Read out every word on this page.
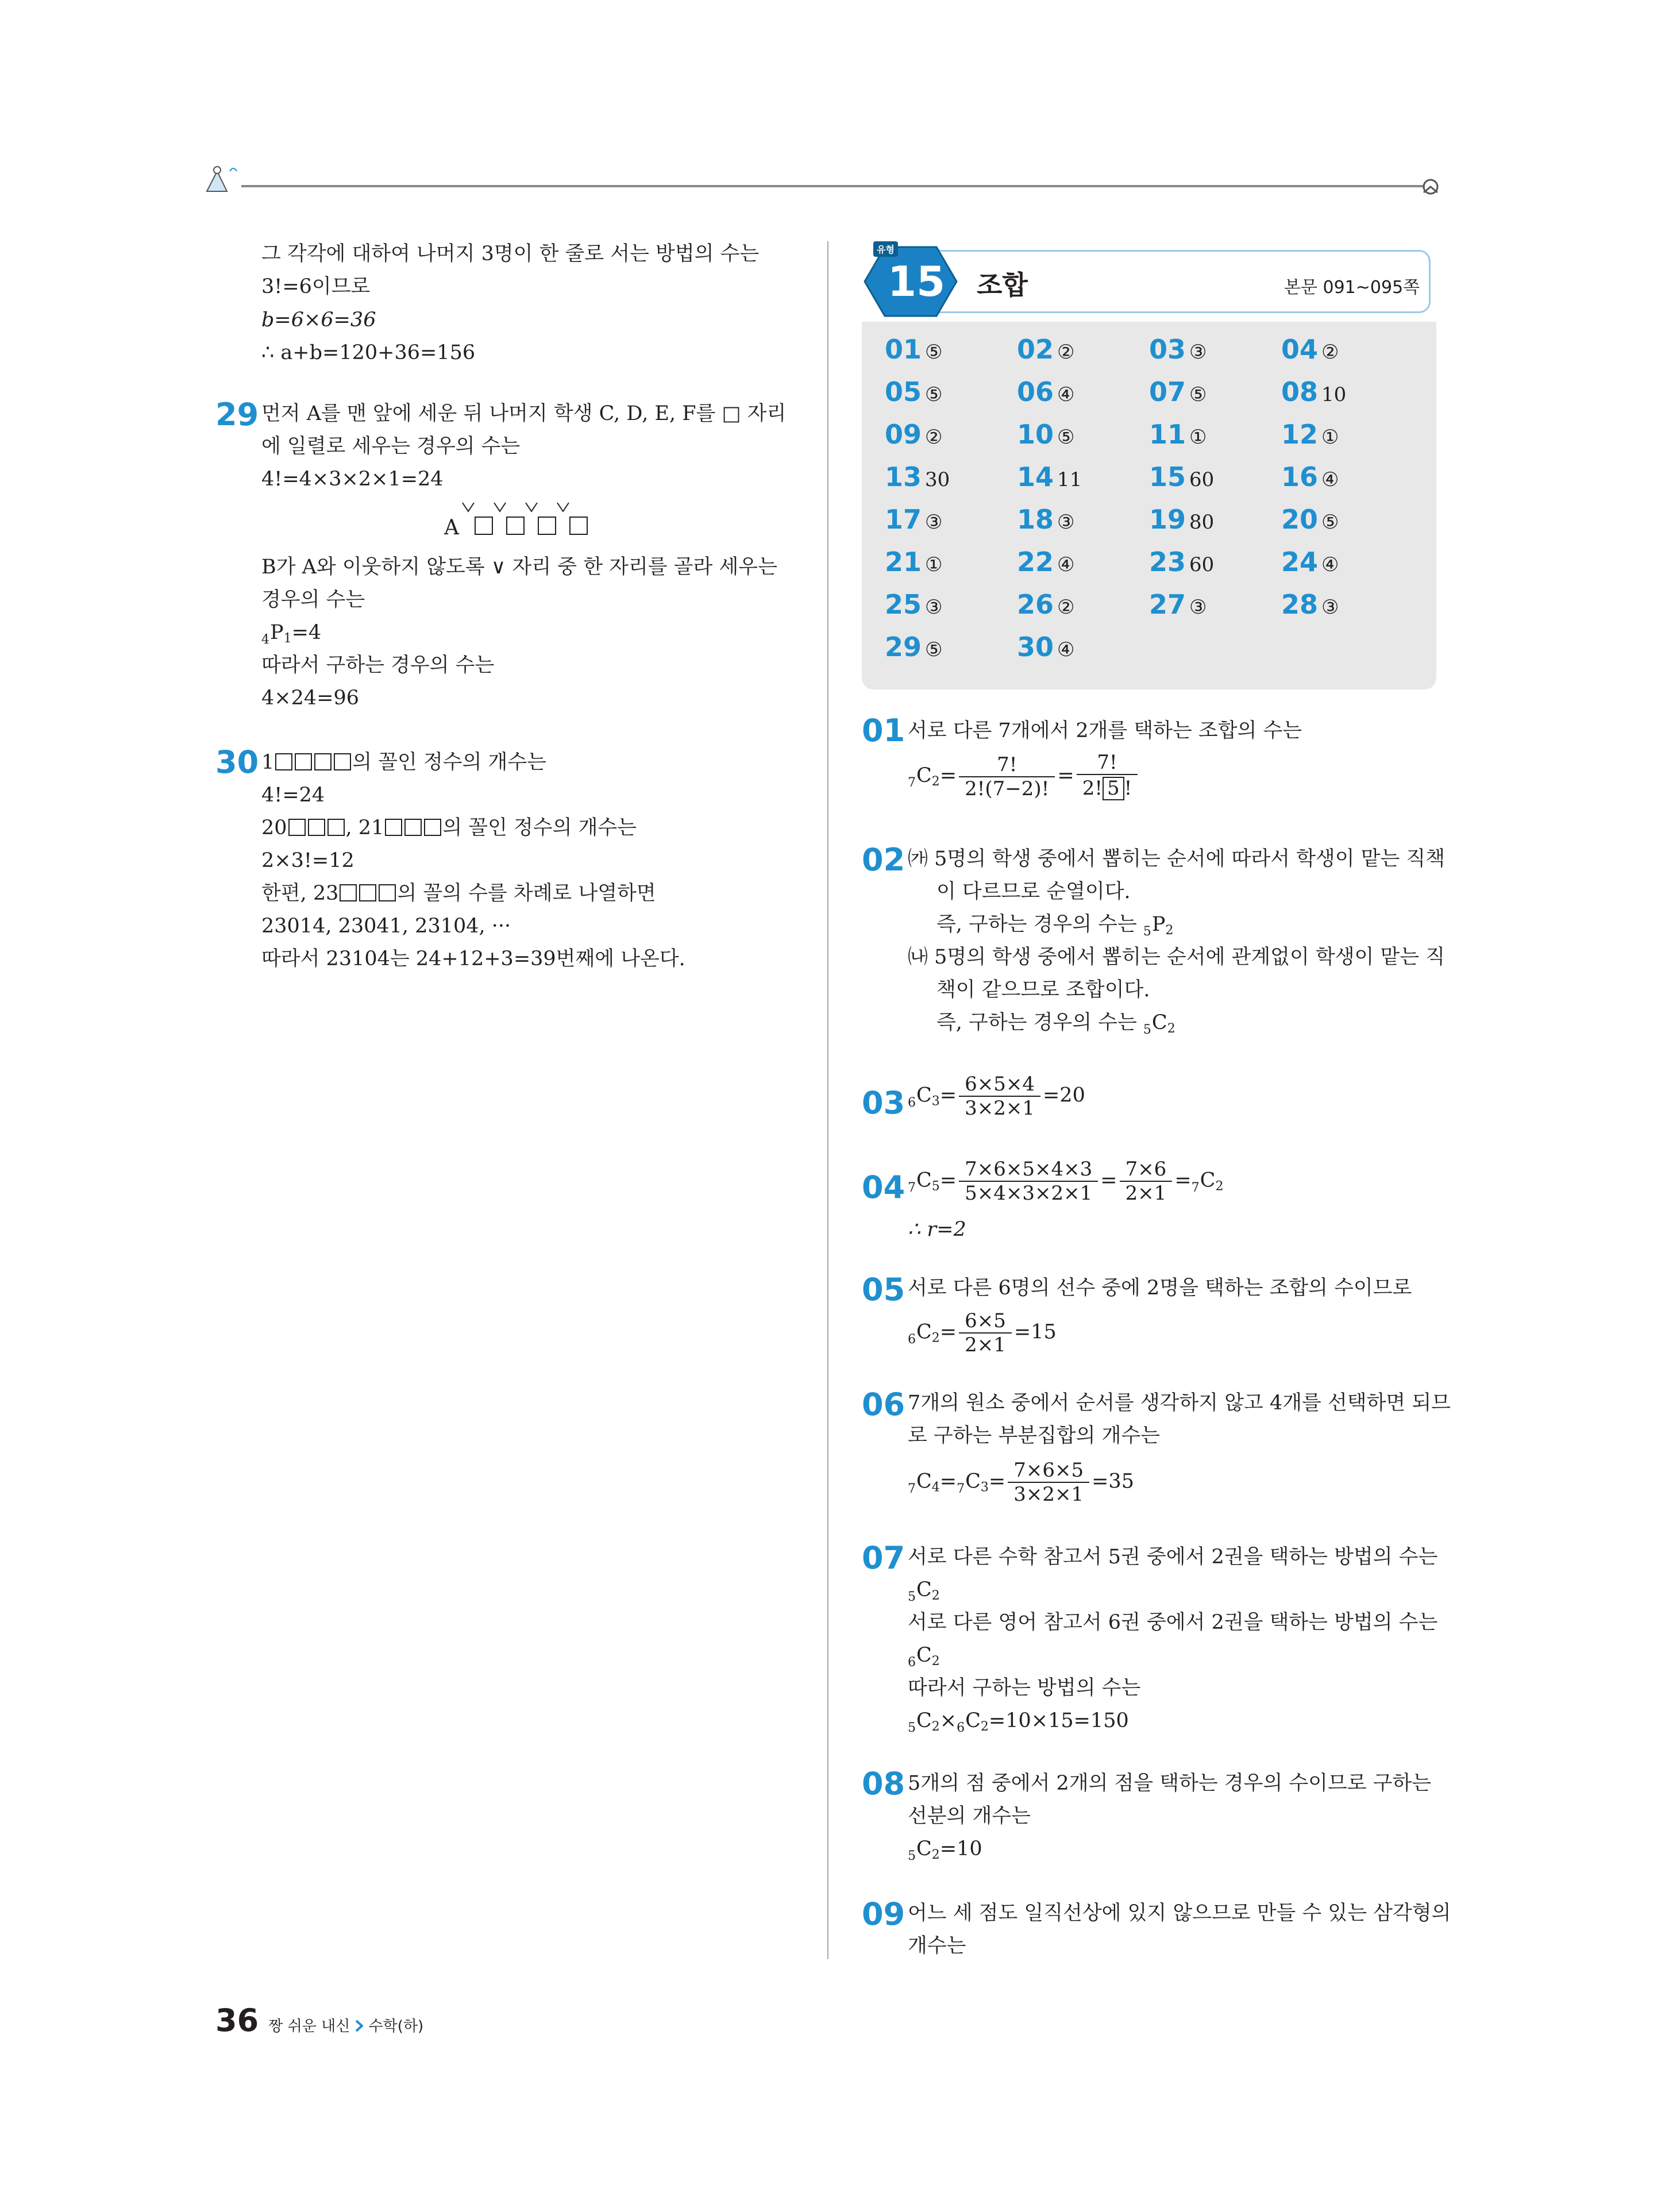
그 각각에 대하여 나머지 3명이 한 줄로 서는 방법의 수는
3!=6이므로
b=6×6=36
∴ a+b=120+36=156
29 먼저 A를 맨 앞에 세운 뒤 나머지 학생 C, D, E, F를 □ 자리
에 일렬로 세우는 경우의 수는
4!=4×3×2×1=24
A
B가 A와 이웃하지 않도록 ∨ 자리 중 한 자리를 골라 세우는
경우의 수는
$_4P_1=4$
따라서 구하는 경우의 수는
4×24=96
30 1	의 꼴인 정수의 개수는
4!=24
20	, 21	의 꼴인 정수의 개수는
2×3!=12
한편, 23	의 꼴의 수를 차례로 나열하면
23014, 23041, 23104, ···
따라서 23104는 24+12+3=39번째에 나온다.
유형
15 조합	본문 091~095쪽
01 ⑤	02 ②	03 ③	04 ②
05 ⑤	06 ④	07 ⑤	08 10
09 ②	10 ⑤	11 ①	12 ①
13 30	14 11	15 60	16 ④
17 ③	18 ③	19 80	20 ⑤
21 ①	22 ④	23 60	24 ④
25 ③	26 ②	27 ③	28 ③
29 ⑤	30 ④
01 서로 다른 7개에서 2개를 택하는 조합의 수는
$_7C_2= \frac{7!}{2!(7-2)!} = \frac{7!}{2! 5 !}$
02 ㈎ 5명의 학생 중에서 뽑히는 순서에 따라서 학생이 맡는 직책
이 다르므로 순열이다.
즉, 구하는 경우의 수는 $_5P_2$
㈏ 5명의 학생 중에서 뽑히는 순서에 관계없이 학생이 맡는 직
책이 같으므로 조합이다.
즉, 구하는 경우의 수는 $_5C_2$
03 $_6C_3= \frac{6\times 5\times 4}{3\times 2\times 1} =20$
04 $_7C_5= \frac{7\times 6\times 5\times 4\times 3}{5\times 4\times 3\times 2\times 1} = \frac{7\times 6}{2\times 1} =_7C_2$
∴ r=2
05 서로 다른 6명의 선수 중에 2명을 택하는 조합의 수이므로
$_6C_2= \frac{6\times 5}{2\times 1} =15$
06 7개의 원소 중에서 순서를 생각하지 않고 4개를 선택하면 되므
로 구하는 부분집합의 개수는
$_7C_4=_7C_3= \frac{7\times 6\times 5}{3\times 2\times 1} =35$
07 서로 다른 수학 참고서 5권 중에서 2권을 택하는 방법의 수는
$_5C_2$
서로 다른 영어 참고서 6권 중에서 2권을 택하는 방법의 수는
$_6C_2$
따라서 구하는 방법의 수는
$_5C_2\times_6C_2=10\times 15=150$
08 5개의 점 중에서 2개의 점을 택하는 경우의 수이므로 구하는
선분의 개수는
$_5C_2=10$
09 어느 세 점도 일직선상에 있지 않으므로 만들 수 있는 삼각형의
개수는
36 짱 쉬운 내신 수학(하)
